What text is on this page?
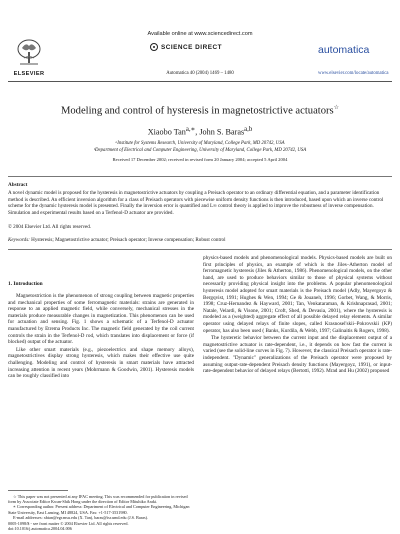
Available online at www.sciencedirect.com
SCIENCE DIRECT
ELSEVIER	Automatica 40 (2004) 1469 – 1480
automatica
www.elsevier.com/locate/automatica
Modeling and control of hysteresis in magnetostrictive actuators☆
Xiaobo Tan$^{a,∗}$, John S. Baras$^{a,b}$
ᵃInstitute for Systems Research, University of Maryland, College Park, MD 20742, USA
ᵇDepartment of Electrical and Computer Engineering, University of Maryland, College Park, MD 20742, USA
Received 17 December 2002; received in revised form 20 January 2004; accepted 5 April 2004
Abstract
A novel dynamic model is proposed for the hysteresis in magnetostrictive actuators by coupling a Preisach operator to an ordinary differential equation, and a parameter identification method is described. An efficient inversion algorithm for a class of Preisach operators with piecewise uniform density functions is then introduced, based upon which an inverse control scheme for the dynamic hysteresis model is presented. Finally the inversion error is quantified and L∞ control theory is applied to improve the robustness of inverse compensation. Simulation and experimental results based on a Terfenol-D actuator are provided.
© 2004 Elsevier Ltd. All rights reserved.
Keywords: Hysteresis; Magnetostrictive actuator; Preisach operator; Inverse compensation; Robust control
1. Introduction

Magnetostriction is the phenomenon of strong coupling between magnetic properties and mechanical properties of some ferromagnetic materials: strains are generated in response to an applied magnetic field, while conversely, mechanical stresses in the materials produce measurable changes in magnetization. This phenomenon can be used for actuation and sensing. Fig. 1 shows a schematic of a Terfenol-D actuator manufactured by Etrema Products Inc. The magnetic field generated by the coil current controls the strain in the Terfenol-D rod, which translates into displacement or force (if blocked) output of the actuator.

Like other smart materials (e.g., piezoelectrics and shape memory alloys), magnetostrictives display strong hysteresis, which makes their effective use quite challenging. Modeling and control of hysteresis in smart materials have attracted increasing attention in recent years (Mohrmann & Goodwin, 2001). Hysteresis models can be roughly classified into

physics-based models and phenomenological models. Physics-based models are built on first principles of physics, an example of which is the Jiles–Atherton model of ferromagnetic hysteresis (Jiles & Atherton, 1986). Phenomenological models, on the other hand, are used to produce behaviors similar to those of physical systems without necessarily providing physical insight into the problems. A popular phenomenological hysteresis model adopted for smart materials is the Preisach model (Adly, Mayergoyz & Bergqvist, 1991; Hughes & Wen, 1994; Ge & Jouaneh, 1996; Gorbet, Wang, & Morris, 1998; Cruz-Hernandez & Hayward, 2001; Tan, Venkataraman, & Krishnaprasad, 2001; Natale, Velardi, & Visone, 2001; Croft, Shed, & Devasia, 2001), where the hysteresis is modeled as a (weighted) aggregate effect of all possible delayed relay elements. A similar operator using delayed relays of finite slopes, called Krasnosel'skii–Pokrovskii (KP) operator, has also been used ( Banks, Kurdila, & Webb, 1997; Galinaitis & Rogers, 1998).

The hysteretic behavior between the current input and the displacement output of a magnetostrictive actuator is rate-dependent, i.e., it depends on how fast the current is varied (see the solid-line curves in Fig. 7). However, the classical Preisach operator is rate-independent. "Dynamic" generalizations of the Preisach operator were proposed by assuming output-rate-dependent Preisach density functions (Mayergoyz, 1991), or input-rate-dependent behavior of delayed relays (Bertotti, 1992). Mrad and Hu (2002) proposed

☆ This paper was not presented at any IFAC meeting. This was recommended for publication in revised form by Associate Editor Kwan-Shik Hong under the direction of Editor Mituhiko Araki.

∗ Corresponding author. Present address: Department of Electrical and Computer Engineering, Michigan State University, East Lansing, MI 48824, USA. Fax: +1-517-3531980.

E-mail addresses: xbtan@egr.msu.edu (X. Tan), baras@isr.umd.edu (J.S. Baras).

0005-1098/$ - see front matter © 2004 Elsevier Ltd. All rights reserved.
doi:10.1016/j.automatica.2004.04.006
